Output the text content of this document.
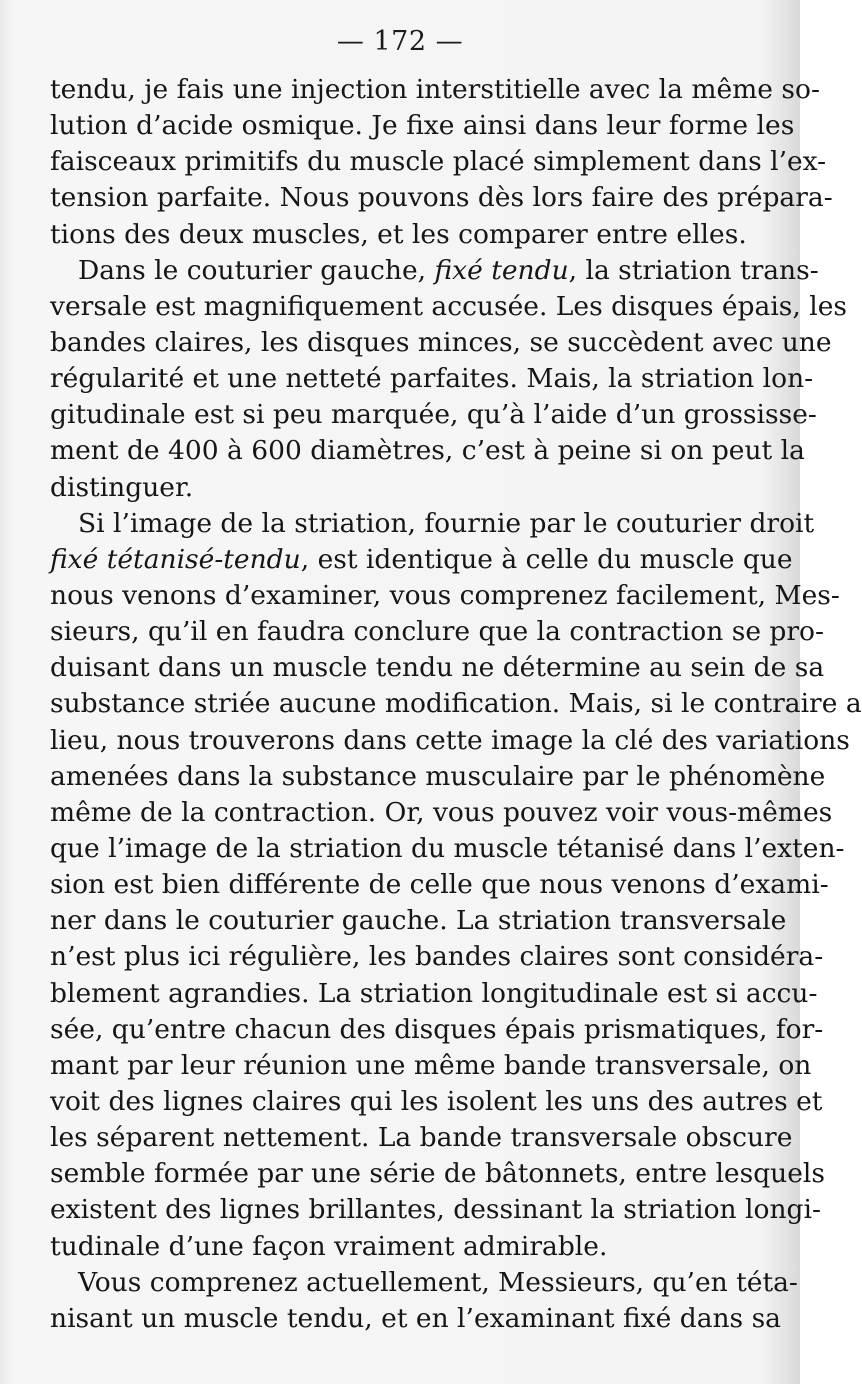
— 172 —
tendu, je fais une injection interstitielle avec la même so-
lution d’acide osmique. Je fixe ainsi dans leur forme les
faisceaux primitifs du muscle placé simplement dans l’ex-
tension parfaite. Nous pouvons dès lors faire des prépara-
tions des deux muscles, et les comparer entre elles.
Dans le couturier gauche, fixé tendu, la striation trans-
versale est magnifiquement accusée. Les disques épais, les
bandes claires, les disques minces, se succèdent avec une
régularité et une netteté parfaites. Mais, la striation lon-
gitudinale est si peu marquée, qu’à l’aide d’un grossisse-
ment de 400 à 600 diamètres, c’est à peine si on peut la
distinguer.
Si l’image de la striation, fournie par le couturier droit
fixé tétanisé-tendu, est identique à celle du muscle que
nous venons d’examiner, vous comprenez facilement, Mes-
sieurs, qu’il en faudra conclure que la contraction se pro-
duisant dans un muscle tendu ne détermine au sein de sa
substance striée aucune modification. Mais, si le contraire a
lieu, nous trouverons dans cette image la clé des variations
amenées dans la substance musculaire par le phénomène
même de la contraction. Or, vous pouvez voir vous-mêmes
que l’image de la striation du muscle tétanisé dans l’exten-
sion est bien différente de celle que nous venons d’exami-
ner dans le couturier gauche. La striation transversale
n’est plus ici régulière, les bandes claires sont considéra-
blement agrandies. La striation longitudinale est si accu-
sée, qu’entre chacun des disques épais prismatiques, for-
mant par leur réunion une même bande transversale, on
voit des lignes claires qui les isolent les uns des autres et
les séparent nettement. La bande transversale obscure
semble formée par une série de bâtonnets, entre lesquels
existent des lignes brillantes, dessinant la striation longi-
tudinale d’une façon vraiment admirable.
Vous comprenez actuellement, Messieurs, qu’en téta-
nisant un muscle tendu, et en l’examinant fixé dans sa
